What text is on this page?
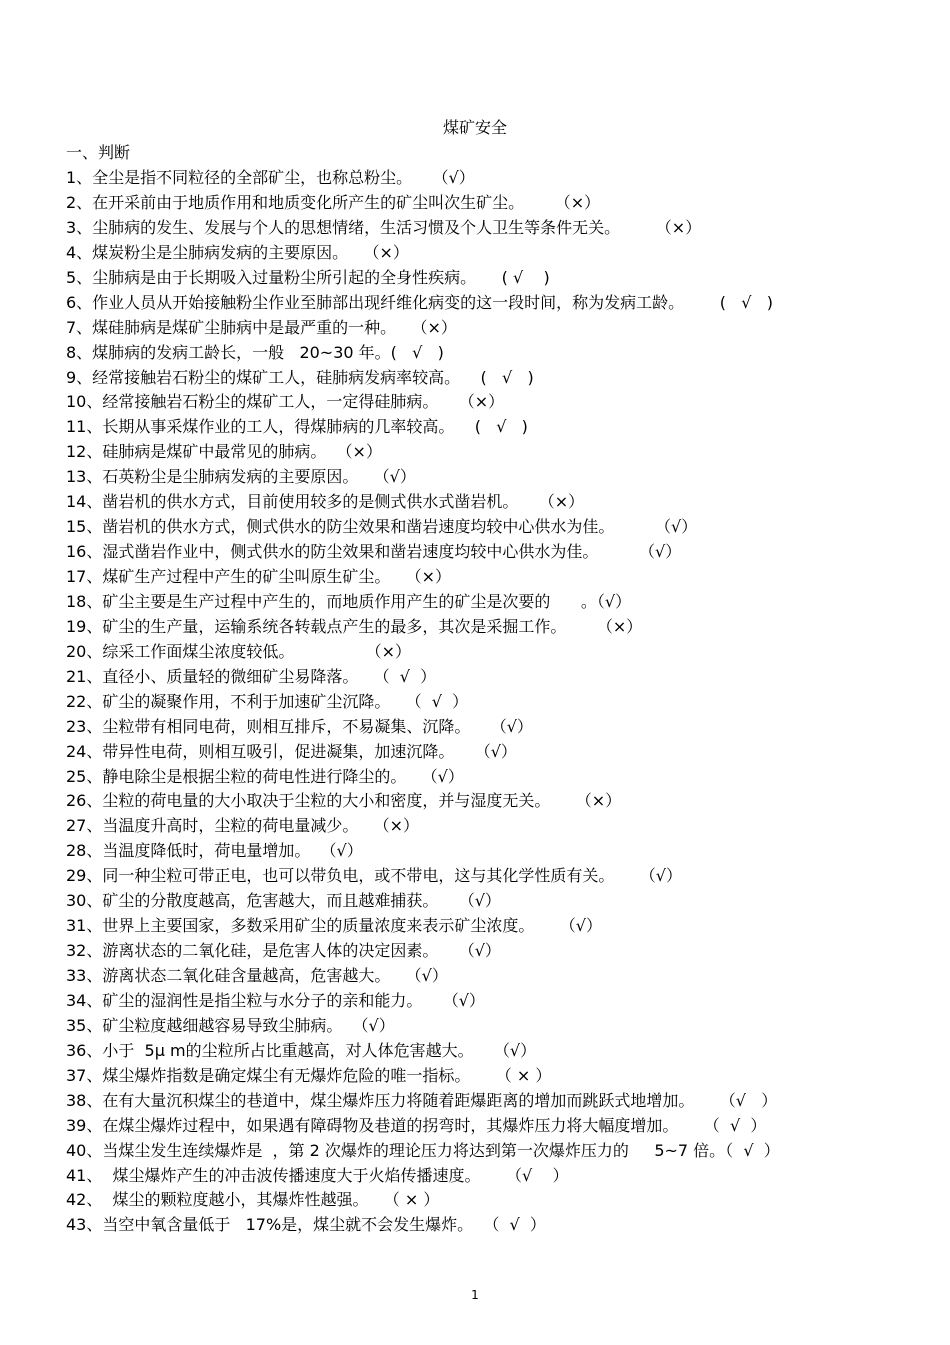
煤矿安全
一、判断
1、全尘是指不同粒径的全部矿尘，也称总粉尘。    （√）
2、在开采前由于地质作用和地质变化所产生的矿尘叫次生矿尘。      （×）
3、尘肺病的发生、发展与个人的思想情绪，生活习惯及个人卫生等条件无关。       （×）
4、煤炭粉尘是尘肺病发病的主要原因。   （×）
5、尘肺病是由于长期吸入过量粉尘所引起的全身性疾病。     ( √    )
6、作业人员从开始接触粉尘作业至肺部出现纤维化病变的这一段时间，称为发病工龄。       (   √   )
7、煤硅肺病是煤矿尘肺病中是最严重的一种。   （×）
8、煤肺病的发病工龄长，一般   20~30 年。(   √   )
9、经常接触岩石粉尘的煤矿工人，硅肺病发病率较高。    (   √   )
10、经常接触岩石粉尘的煤矿工人，一定得硅肺病。    （×）
11、长期从事采煤作业的工人，得煤肺病的几率较高。    (   √   )
12、硅肺病是煤矿中最常见的肺病。  （×）
13、石英粉尘是尘肺病发病的主要原因。   （√）
14、凿岩机的供水方式，目前使用较多的是侧式供水式凿岩机。    （×）
15、凿岩机的供水方式，侧式供水的防尘效果和凿岩速度均较中心供水为佳。        （√）
16、湿式凿岩作业中，侧式供水的防尘效果和凿岩速度均较中心供水为佳。        （√）
17、煤矿生产过程中产生的矿尘叫原生矿尘。   （×）
18、矿尘主要是生产过程中产生的，而地质作用产生的矿尘是次要的      。（√）
19、矿尘的生产量，运输系统各转载点产生的最多，其次是采掘工作。      （×）
20、综采工作面煤尘浓度较低。              （×）
21、直径小、质量轻的微细矿尘易降落。   （  √  ）
22、矿尘的凝聚作用，不利于加速矿尘沉降。   （  √  ）
23、尘粒带有相同电荷，则相互排斥，不易凝集、沉降。    （√）
24、带异性电荷，则相互吸引，促进凝集，加速沉降。    （√）
25、静电除尘是根据尘粒的荷电性进行降尘的。   （√）
26、尘粒的荷电量的大小取决于尘粒的大小和密度，并与湿度无关。     （×）
27、当温度升高时，尘粒的荷电量减少。   （×）
28、当温度降低时，荷电量增加。  （√）
29、同一种尘粒可带正电，也可以带负电，或不带电，这与其化学性质有关。     （√）
30、矿尘的分散度越高，危害越大，而且越难捕获。    （√）
31、世界上主要国家，多数采用矿尘的质量浓度来表示矿尘浓度。     （√）
32、游离状态的二氧化硅，是危害人体的决定因素。    （√）
33、游离状态二氧化硅含量越高，危害越大。   （√）
34、矿尘的湿润性是指尘粒与水分子的亲和能力。    （√）
35、矿尘粒度越细越容易导致尘肺病。  （√）
36、小于  5μ m的尘粒所占比重越高，对人体危害越大。    （√）
37、煤尘爆炸指数是确定煤尘有无爆炸危险的唯一指标。     （ × ）
38、在有大量沉积煤尘的巷道中，煤尘爆炸压力将随着距爆距离的增加而跳跃式地增加。     （√   ）
39、在煤尘爆炸过程中，如果遇有障碍物及巷道的拐弯时，其爆炸压力将大幅度增加。     （  √  ）
40、当煤尘发生连续爆炸是  ，第 2 次爆炸的理论压力将达到第一次爆炸压力的     5~7 倍。（  √  ）
41、  煤尘爆炸产生的冲击波传播速度大于火焰传播速度。     （√    ）
42、  煤尘的颗粒度越小，其爆炸性越强。   （ × ）
43、当空中氧含量低于   17%是，煤尘就不会发生爆炸。  （  √  ）
1
